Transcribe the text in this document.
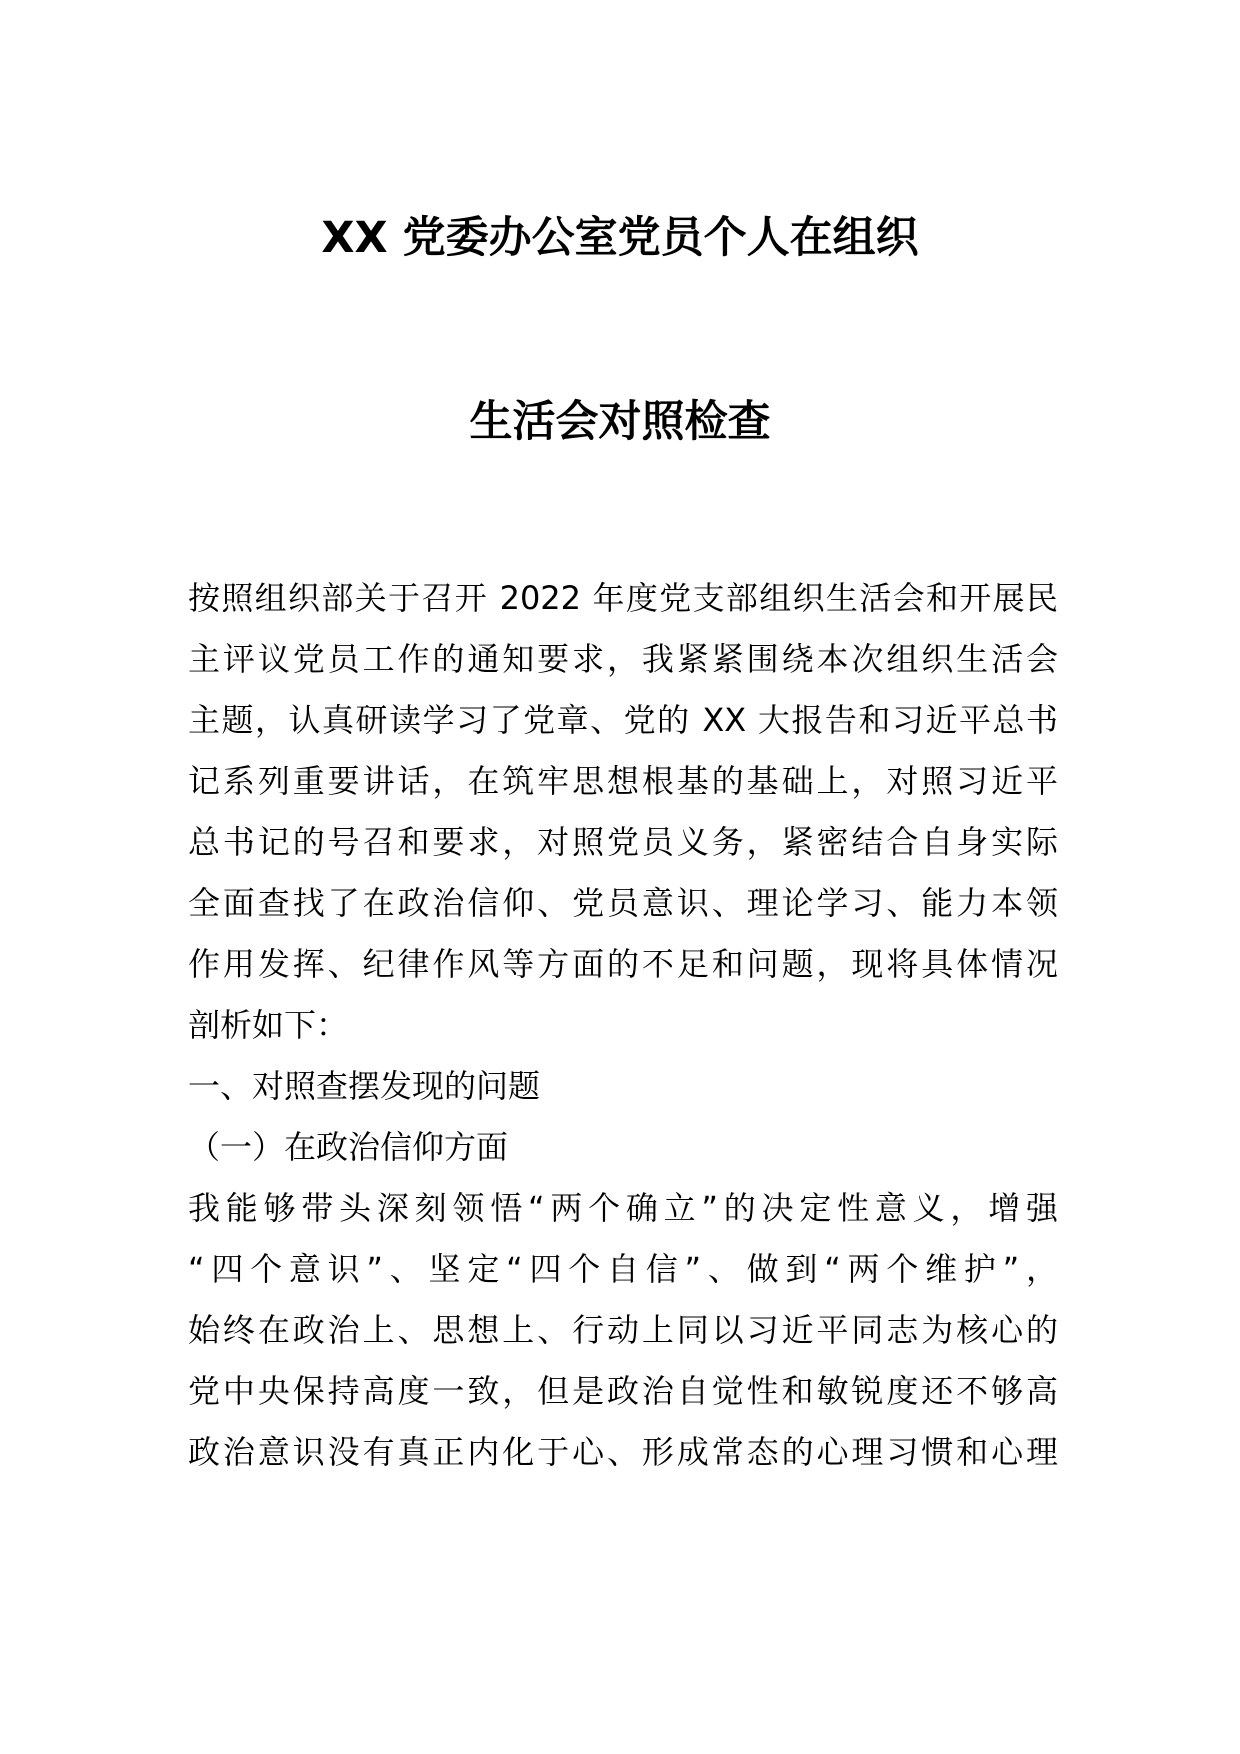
XX 党委办公室党员个人在组织
生活会对照检查
按照组织部关于召开 2022 年度党支部组织生活会和开展民
主评议党员工作的通知要求，我紧紧围绕本次组织生活会
主题，认真研读学习了党章、党的 XX 大报告和习近平总书
记系列重要讲话，在筑牢思想根基的基础上，对照习近平
总书记的号召和要求，对照党员义务，紧密结合自身实际
全面查找了在政治信仰、党员意识、理论学习、能力本领
作用发挥、纪律作风等方面的不足和问题，现将具体情况
剖析如下：
一、对照查摆发现的问题
（一）在政治信仰方面
我能够带头深刻领悟“两个确立”的决定性意义，增强
“四个意识”、坚定“四个自信”、做到“两个维护”，
始终在政治上、思想上、行动上同以习近平同志为核心的
党中央保持高度一致，但是政治自觉性和敏锐度还不够高
政治意识没有真正内化于心、形成常态的心理习惯和心理
